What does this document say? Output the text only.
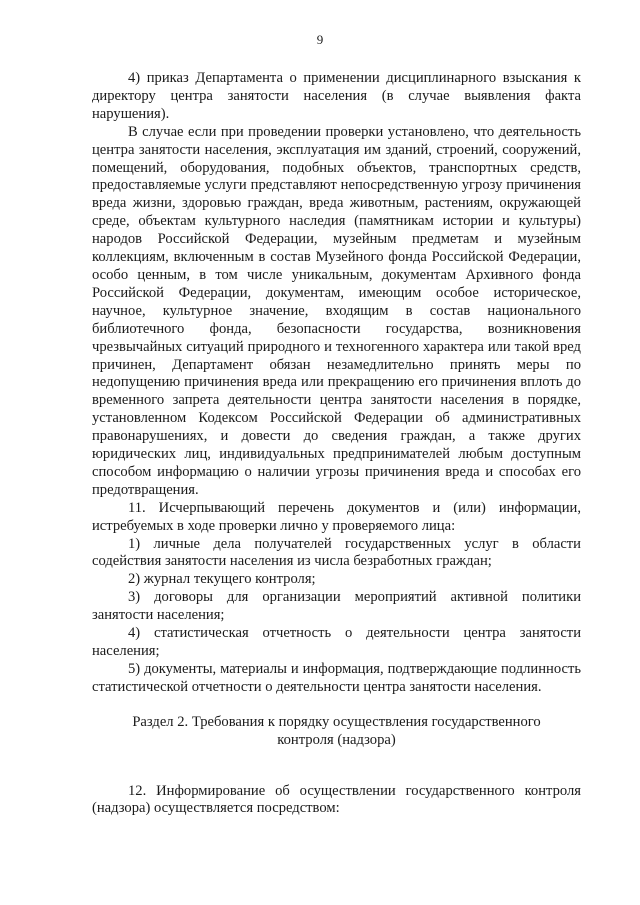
9

4) приказ Департамента о применении дисциплинарного взыскания к директору центра занятости населения (в случае выявления факта нарушения).

В случае если при проведении проверки установлено, что деятельность центра занятости населения, эксплуатация им зданий, строений, сооружений, помещений, оборудования, подобных объектов, транспортных средств, предоставляемые услуги представляют непосредственную угрозу причинения вреда жизни, здоровью граждан, вреда животным, растениям, окружающей среде, объектам культурного наследия (памятникам истории и культуры) народов Российской Федерации, музейным предметам и музейным коллекциям, включенным в состав Музейного фонда Российской Федерации, особо ценным, в том числе уникальным, документам Архивного фонда Российской Федерации, документам, имеющим особое историческое, научное, культурное значение, входящим в состав национального библиотечного фонда, безопасности государства, возникновения чрезвычайных ситуаций природного и техногенного характера или такой вред причинен, Департамент обязан незамедлительно принять меры по недопущению причинения вреда или прекращению его причинения вплоть до временного запрета деятельности центра занятости населения в порядке, установленном Кодексом Российской Федерации об административных правонарушениях, и довести до сведения граждан, а также других юридических лиц, индивидуальных предпринимателей любым доступным способом информацию о наличии угрозы причинения вреда и способах его предотвращения.

11. Исчерпывающий перечень документов и (или) информации, истребуемых в ходе проверки лично у проверяемого лица:

1) личные дела получателей государственных услуг в области содействия занятости населения из числа безработных граждан;

2) журнал текущего контроля;

3) договоры для организации мероприятий активной политики занятости населения;

4) статистическая отчетность о деятельности центра занятости населения;

5) документы, материалы и информация, подтверждающие подлинность статистической отчетности о деятельности центра занятости населения.

Раздел 2. Требования к порядку осуществления государственного
контроля (надзора)

12. Информирование об осуществлении государственного контроля (надзора) осуществляется посредством:
